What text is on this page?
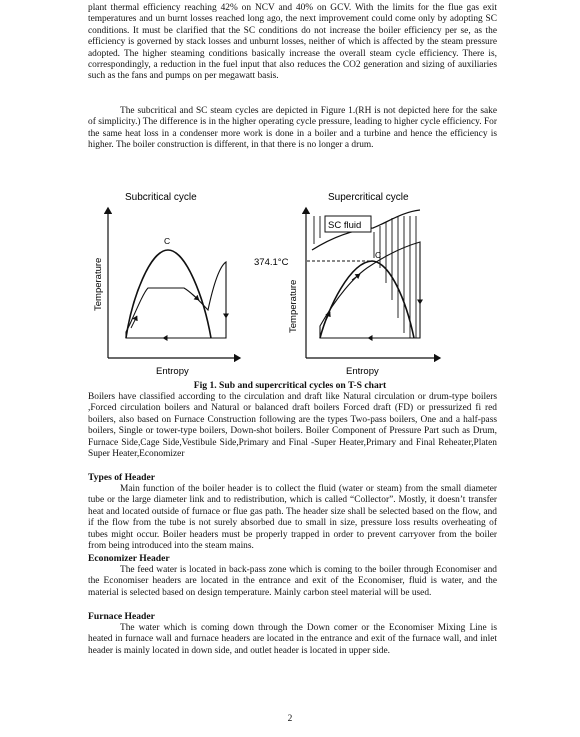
plant thermal efficiency reaching 42% on NCV and 40% on GCV. With the limits for the flue gas exit temperatures and un burnt losses reached long ago, the next improvement could come only by adopting SC conditions. It must be clarified that the SC conditions do not increase the boiler efficiency per se, as the efficiency is governed by stack losses and unburnt losses, neither of which is affected by the steam pressure adopted. The higher steaming conditions basically increase the overall steam cycle efficiency. There is, correspondingly, a reduction in the fuel input that also reduces the CO2 generation and sizing of auxiliaries such as the fans and pumps on per megawatt basis.

The subcritical and SC steam cycles are depicted in Figure 1.(RH is not depicted here for the sake of simplicity.) The difference is in the higher operating cycle pressure, leading to higher cycle efficiency. For the same heat loss in a condenser more work is done in a boiler and a turbine and hence the efficiency is higher. The boiler construction is different, in that there is no longer a drum.

Subcritical cycle
Temperature
Entropy
C
Supercritical cycle
Temperature
Entropy
SC fluid
374.1°C
C

Fig 1. Sub and supercritical cycles on T-S chart

Boilers have classified according to the circulation and draft like Natural circulation or drum-type boilers ,Forced circulation boilers and Natural or balanced draft boilers Forced draft (FD) or pressurized fi red boilers, also based on Furnace Construction following are the types Two-pass boilers, One and a half-pass boilers, Single or tower-type boilers, Down-shot boilers. Boiler Component of Pressure Part such as Drum, Furnace Side,Cage Side,Vestibule Side,Primary and Final -Super Heater,Primary and Final Reheater,Platen Super Heater,Economizer

Types of Header

Main function of the boiler header is to collect the fluid (water or steam) from the small diameter tube or the large diameter link and to redistribution, which is called “Collector”. Mostly, it doesn’t transfer heat and located outside of furnace or flue gas path. The header size shall be selected based on the flow, and if the flow from the tube is not surely absorbed due to small in size, pressure loss results overheating of tubes might occur. Boiler headers must be properly trapped in order to prevent carryover from the boiler from being introduced into the steam mains.

Economizer Header

The feed water is located in back-pass zone which is coming to the boiler through Economiser and the Economiser headers are located in the entrance and exit of the Economiser, fluid is water, and the material is selected based on design temperature. Mainly carbon steel material will be used.

Furnace Header

The water which is coming down through the Down comer or the Economiser Mixing Line is heated in furnace wall and furnace headers are located in the entrance and exit of the furnace wall, and inlet header is mainly located in down side, and outlet header is located in upper side.

2
